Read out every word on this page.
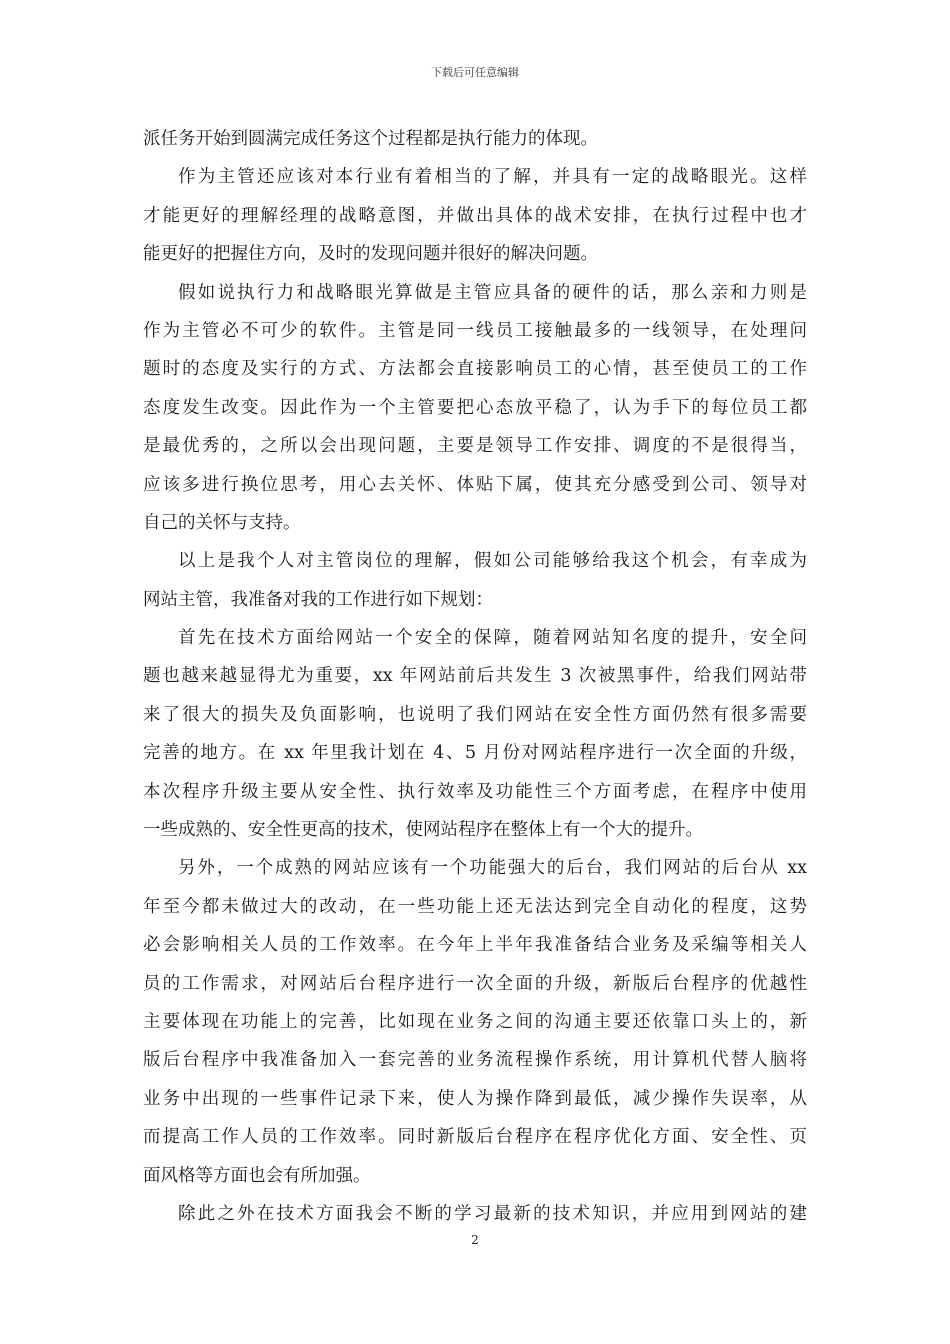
下载后可任意编辑
派任务开始到圆满完成任务这个过程都是执行能力的体现。
作为主管还应该对本行业有着相当的了解，并具有一定的战略眼光。这样
才能更好的理解经理的战略意图，并做出具体的战术安排，在执行过程中也才
能更好的把握住方向，及时的发现问题并很好的解决问题。
假如说执行力和战略眼光算做是主管应具备的硬件的话，那么亲和力则是
作为主管必不可少的软件。主管是同一线员工接触最多的一线领导，在处理问
题时的态度及实行的方式、方法都会直接影响员工的心情，甚至使员工的工作
态度发生改变。因此作为一个主管要把心态放平稳了，认为手下的每位员工都
是最优秀的，之所以会出现问题，主要是领导工作安排、调度的不是很得当，
应该多进行换位思考，用心去关怀、体贴下属，使其充分感受到公司、领导对
自己的关怀与支持。
以上是我个人对主管岗位的理解，假如公司能够给我这个机会，有幸成为
网站主管，我准备对我的工作进行如下规划：
首先在技术方面给网站一个安全的保障，随着网站知名度的提升，安全问
题也越来越显得尤为重要，xx 年网站前后共发生 3 次被黑事件，给我们网站带
来了很大的损失及负面影响，也说明了我们网站在安全性方面仍然有很多需要
完善的地方。在 xx 年里我计划在 4、5 月份对网站程序进行一次全面的升级，
本次程序升级主要从安全性、执行效率及功能性三个方面考虑，在程序中使用
一些成熟的、安全性更高的技术，使网站程序在整体上有一个大的提升。
另外，一个成熟的网站应该有一个功能强大的后台，我们网站的后台从 xx
年至今都未做过大的改动，在一些功能上还无法达到完全自动化的程度，这势
必会影响相关人员的工作效率。在今年上半年我准备结合业务及采编等相关人
员的工作需求，对网站后台程序进行一次全面的升级，新版后台程序的优越性
主要体现在功能上的完善，比如现在业务之间的沟通主要还依靠口头上的，新
版后台程序中我准备加入一套完善的业务流程操作系统，用计算机代替人脑将
业务中出现的一些事件记录下来，使人为操作降到最低，减少操作失误率，从
而提高工作人员的工作效率。同时新版后台程序在程序优化方面、安全性、页
面风格等方面也会有所加强。
除此之外在技术方面我会不断的学习最新的技术知识，并应用到网站的建
2
